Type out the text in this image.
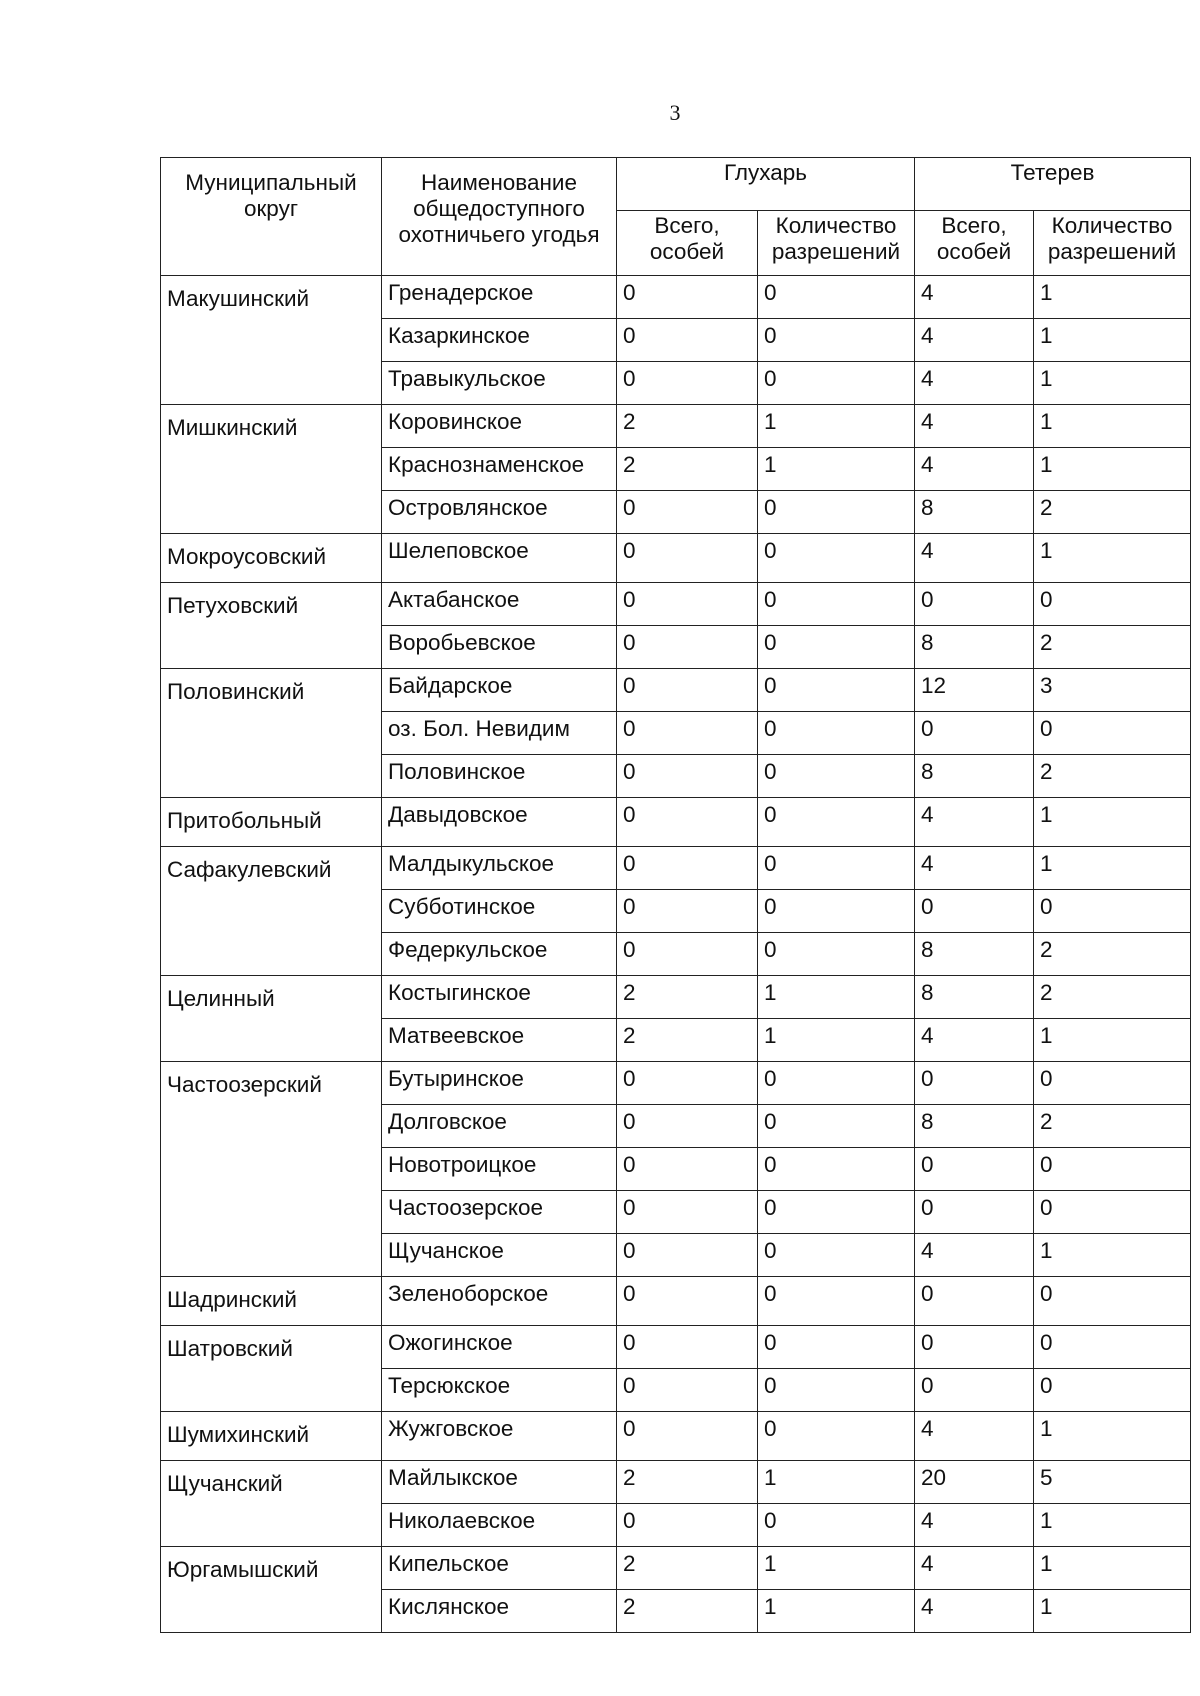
3
Муниципальный округ	Наименование общедоступного охотничьего угодья	Глухарь		Тетерев	
		Всего, особей	Количество разрешений	Всего, особей	Количество разрешений
Макушинский	Гренадерское	0	0	4	1
	Казаркинское	0	0	4	1
	Травыкульское	0	0	4	1
Мишкинский	Коровинское	2	1	4	1
	Краснознаменское	2	1	4	1
	Островлянское	0	0	8	2
Мокроусовский	Шелеповское	0	0	4	1
Петуховский	Актабанское	0	0	0	0
	Воробьевское	0	0	8	2
Половинский	Байдарское	0	0	12	3
	оз. Бол. Невидим	0	0	0	0
	Половинское	0	0	8	2
Притобольный	Давыдовское	0	0	4	1
Сафакулевский	Малдыкульское	0	0	4	1
	Субботинское	0	0	0	0
	Федеркульское	0	0	8	2
Целинный	Костыгинское	2	1	8	2
	Матвеевское	2	1	4	1
Частоозерский	Бутыринское	0	0	0	0
	Долговское	0	0	8	2
	Новотроицкое	0	0	0	0
	Частоозерское	0	0	0	0
	Щучанское	0	0	4	1
Шадринский	Зеленоборское	0	0	0	0
Шатровский	Ожогинское	0	0	0	0
	Терсюкское	0	0	0	0
Шумихинский	Жужговское	0	0	4	1
Щучанский	Майлыкское	2	1	20	5
	Николаевское	0	0	4	1
Юргамышский	Кипельское	2	1	4	1
	Кислянское	2	1	4	1
